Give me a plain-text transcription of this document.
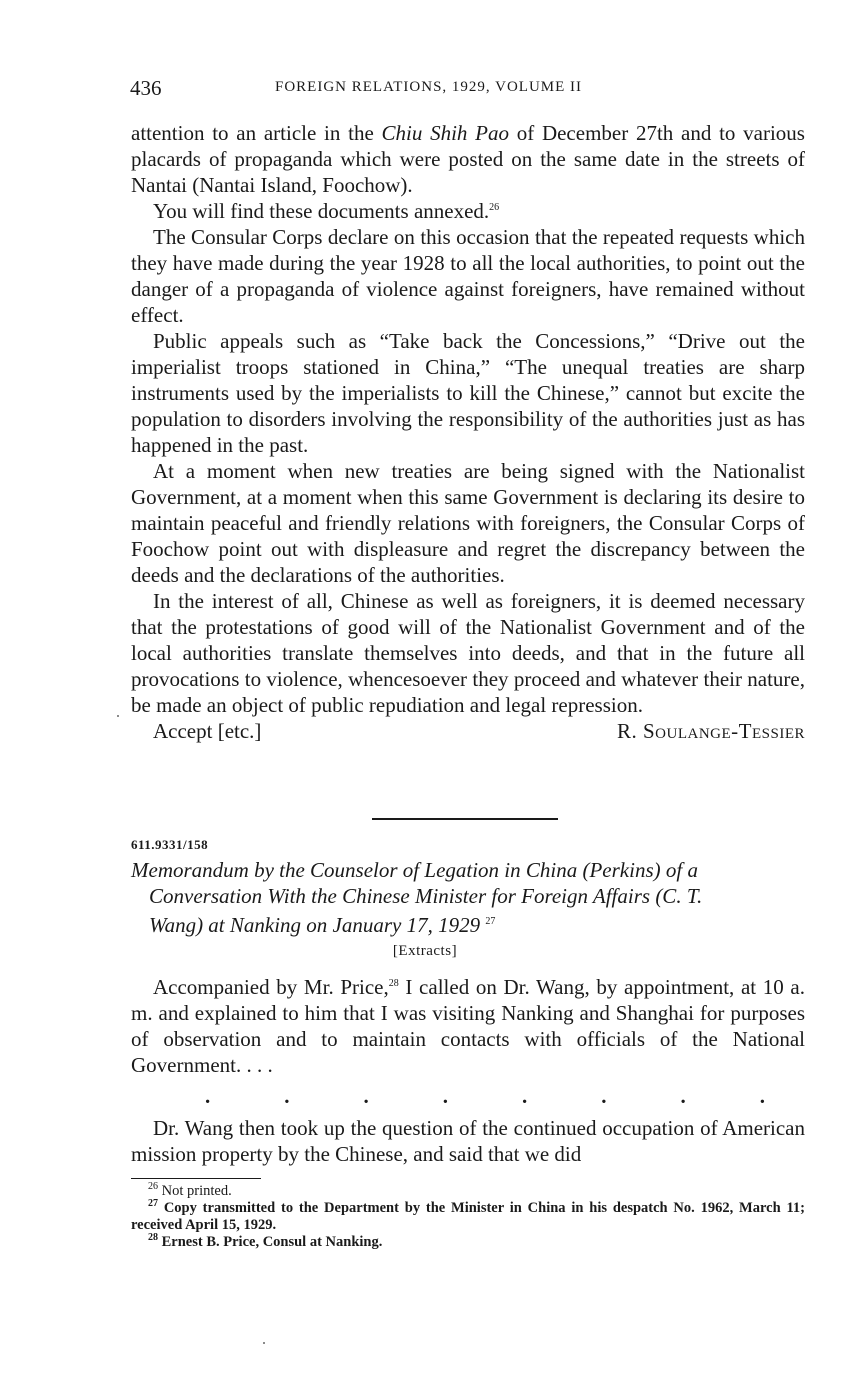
436	FOREIGN RELATIONS, 1929, VOLUME II

attention to an article in the Chiu Shih Pao of December 27th and to various placards of propaganda which were posted on the same date in the streets of Nantai (Nantai Island, Foochow).

You will find these documents annexed.$^{26}$

The Consular Corps declare on this occasion that the repeated requests which they have made during the year 1928 to all the local authorities, to point out the danger of a propaganda of violence against foreigners, have remained without effect.

Public appeals such as “Take back the Concessions,” “Drive out the imperialist troops stationed in China,” “The unequal treaties are sharp instruments used by the imperialists to kill the Chinese,” cannot but excite the population to disorders involving the responsibility of the authorities just as has happened in the past.

At a moment when new treaties are being signed with the Nationalist Government, at a moment when this same Government is declaring its desire to maintain peaceful and friendly relations with foreigners, the Consular Corps of Foochow point out with displeasure and regret the discrepancy between the deeds and the declarations of the authorities.

In the interest of all, Chinese as well as foreigners, it is deemed necessary that the protestations of good will of the Nationalist Government and of the local authorities translate themselves into deeds, and that in the future all provocations to violence, whencesoever they proceed and whatever their nature, be made an object of public repudiation and legal repression.

Accept [etc.]	R. Soulange-Tessier
611.9331/158
Memorandum by the Counselor of Legation in China (Perkins) of a
Conversation With the Chinese Minister for Foreign Affairs (C. T.
Wang) at Nanking on January 17, 1929 $^{27}$
[Extracts]

Accompanied by Mr. Price,$^{28}$ I called on Dr. Wang, by appointment, at 10 a. m. and explained to him that I was visiting Nanking and Shanghai for purposes of observation and to maintain contacts with officials of the National Government. . . .

.	.	.	.	.	.	.	.

Dr. Wang then took up the question of the continued occupation of American mission property by the Chinese, and said that we did

$^{26}$ Not printed.

$^{27}$ Copy transmitted to the Department by the Minister in China in his despatch No. 1962, March 11; received April 15, 1929.

$^{28}$ Ernest B. Price, Consul at Nanking.
